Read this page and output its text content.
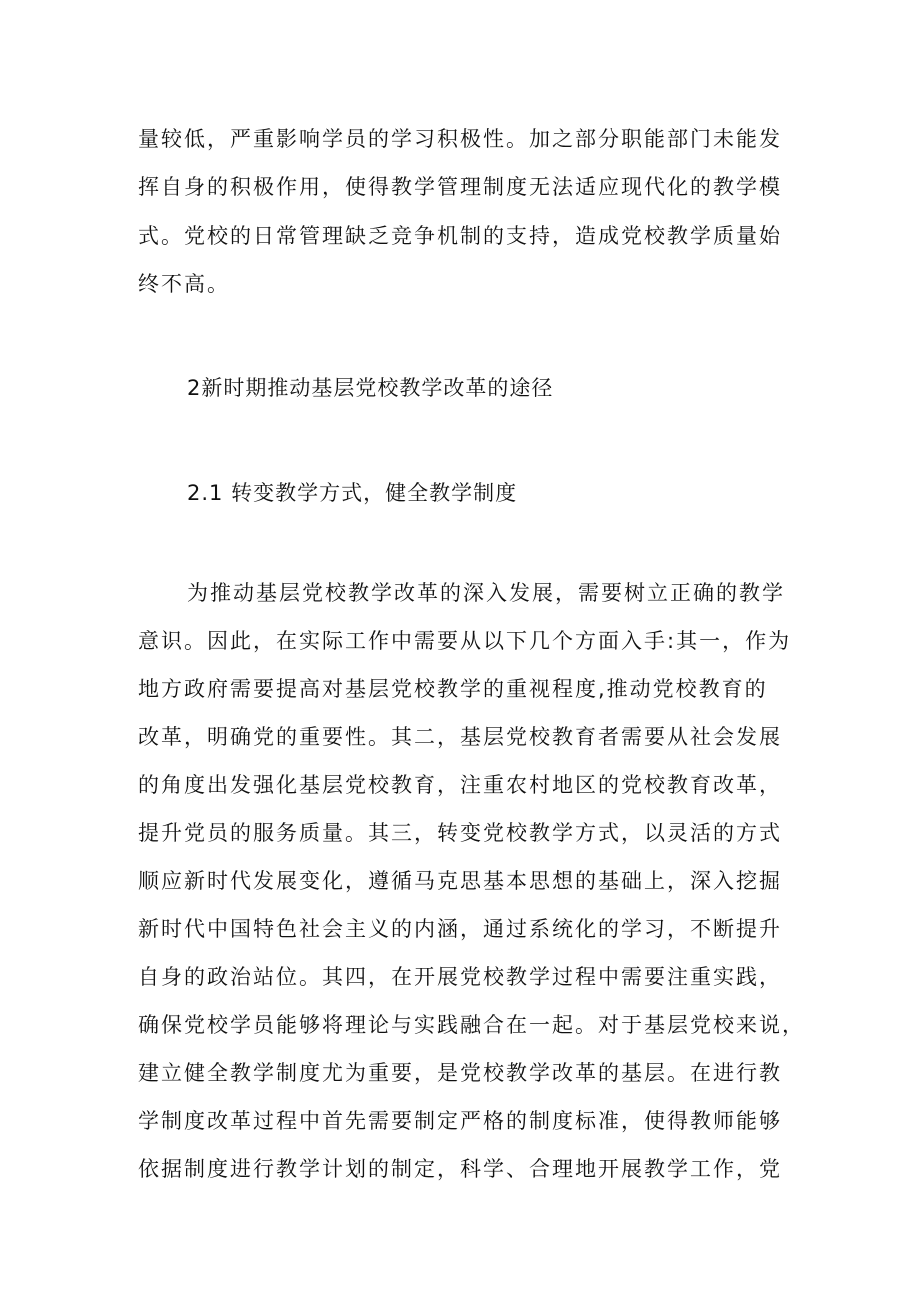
量较低，严重影响学员的学习积极性。加之部分职能部门未能发
挥自身的积极作用，使得教学管理制度无法适应现代化的教学模
式。党校的日常管理缺乏竞争机制的支持，造成党校教学质量始
终不高。
2新时期推动基层党校教学改革的途径
2.1 转变教学方式，健全教学制度
为推动基层党校教学改革的深入发展，需要树立正确的教学
意识。因此，在实际工作中需要从以下几个方面入手:其一，作为
地方政府需要提高对基层党校教学的重视程度,推动党校教育的
改革，明确党的重要性。其二，基层党校教育者需要从社会发展
的角度出发强化基层党校教育，注重农村地区的党校教育改革，
提升党员的服务质量。其三，转变党校教学方式，以灵活的方式
顺应新时代发展变化，遵循马克思基本思想的基础上，深入挖掘
新时代中国特色社会主义的内涵，通过系统化的学习，不断提升
自身的政治站位。其四，在开展党校教学过程中需要注重实践，
确保党校学员能够将理论与实践融合在一起。对于基层党校来说，
建立健全教学制度尤为重要，是党校教学改革的基层。在进行教
学制度改革过程中首先需要制定严格的制度标准，使得教师能够
依据制度进行教学计划的制定，科学、合理地开展教学工作，党
